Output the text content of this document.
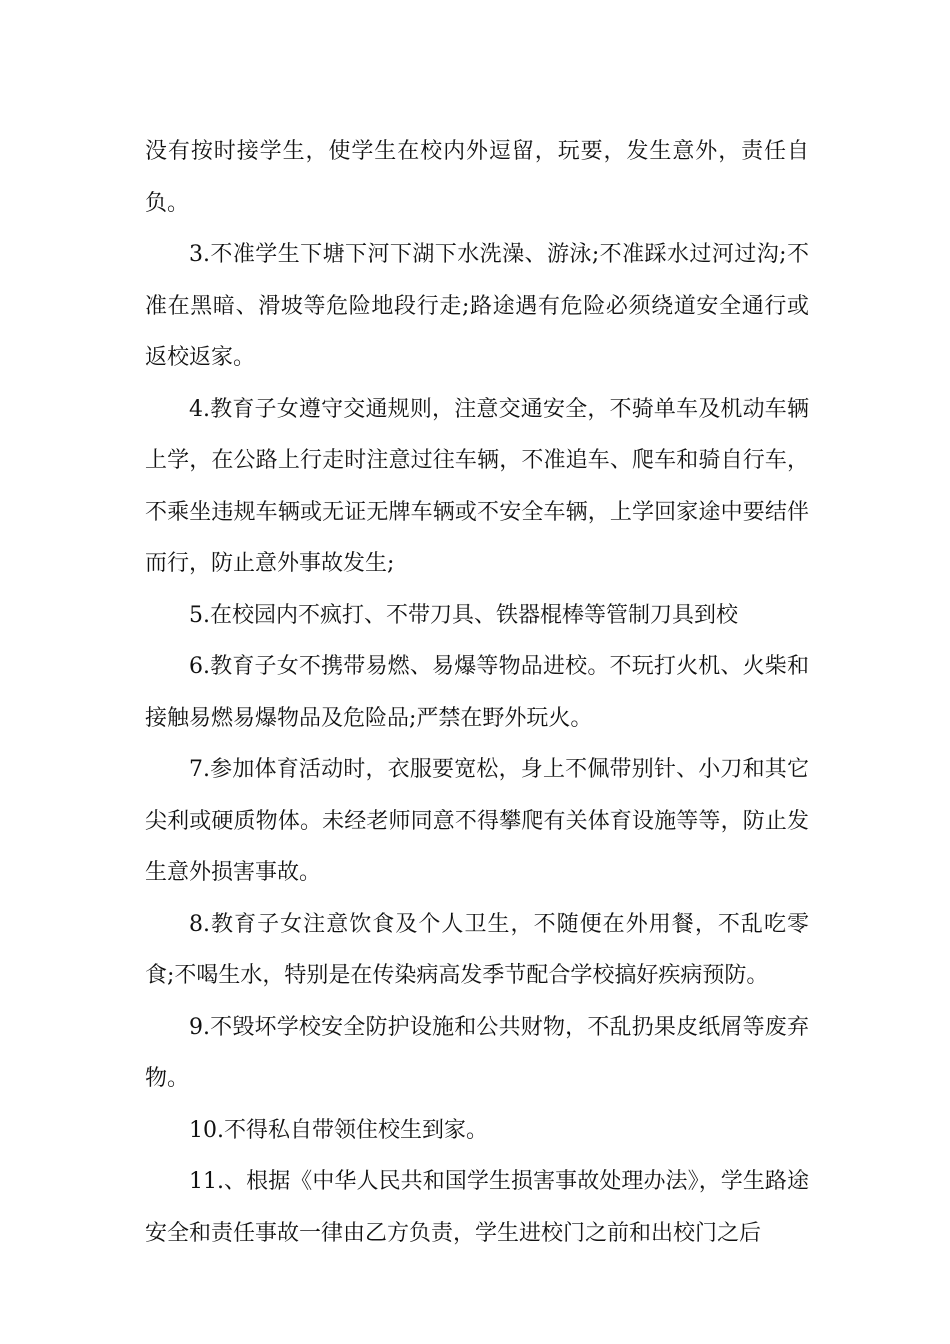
没有按时接学生，使学生在校内外逗留，玩要，发生意外，责任自负。

3.不准学生下塘下河下湖下水洗澡、游泳;不准踩水过河过沟;不准在黑暗、滑坡等危险地段行走;路途遇有危险必须绕道安全通行或返校返家。

4.教育子女遵守交通规则，注意交通安全，不骑单车及机动车辆上学，在公路上行走时注意过往车辆，不准追车、爬车和骑自行车，不乘坐违规车辆或无证无牌车辆或不安全车辆，上学回家途中要结伴而行，防止意外事故发生;

5.在校园内不疯打、不带刀具、铁器棍棒等管制刀具到校

6.教育子女不携带易燃、易爆等物品进校。不玩打火机、火柴和接触易燃易爆物品及危险品;严禁在野外玩火。

7.参加体育活动时，衣服要宽松，身上不佩带别针、小刀和其它尖利或硬质物体。未经老师同意不得攀爬有关体育设施等等，防止发生意外损害事故。

8.教育子女注意饮食及个人卫生，不随便在外用餐，不乱吃零食;不喝生水，特别是在传染病高发季节配合学校搞好疾病预防。

9.不毁坏学校安全防护设施和公共财物，不乱扔果皮纸屑等废弃物。

10.不得私自带领住校生到家。

11.、根据《中华人民共和国学生损害事故处理办法》，学生路途安全和责任事故一律由乙方负责，学生进校门之前和出校门之后
